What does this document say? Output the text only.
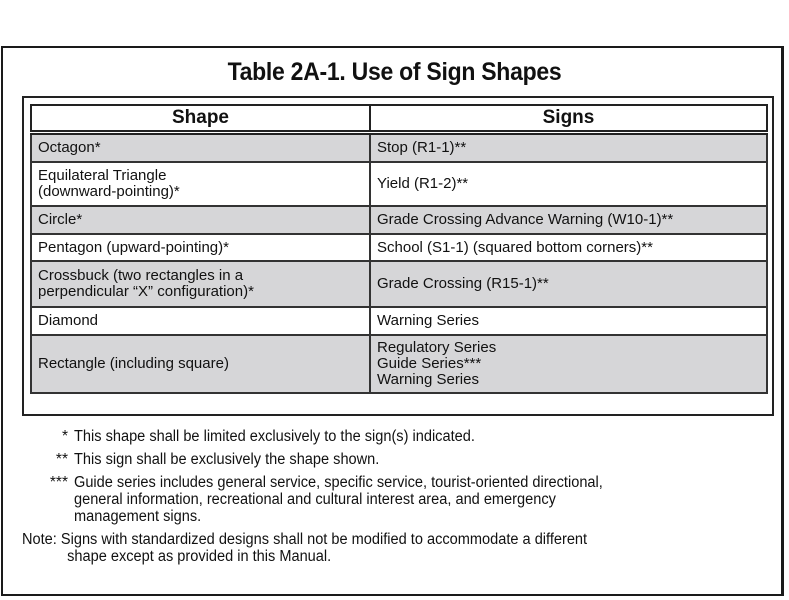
Table 2A-1. Use of Sign Shapes
Shape	Signs

Octagon*	Stop (R1-1)**

Equilateral Triangle
(downward-pointing)*	Yield (R1-2)**

Circle*	Grade Crossing Advance Warning (W10-1)**

Pentagon (upward-pointing)*	School (S1-1) (squared bottom corners)**

Crossbuck (two rectangles in a
perpendicular “X” configuration)*	Grade Crossing (R15-1)**

Diamond	Warning Series

Rectangle (including square)	Regulatory Series
Guide Series***
Warning Series
* This shape shall be limited exclusively to the sign(s) indicated.
** This sign shall be exclusively the shape shown.
*** Guide series includes general service, specific service, tourist-oriented directional,
general information, recreational and cultural interest area, and emergency
management signs.
Note: Signs with standardized designs shall not be modified to accommodate a different
shape except as provided in this Manual.
